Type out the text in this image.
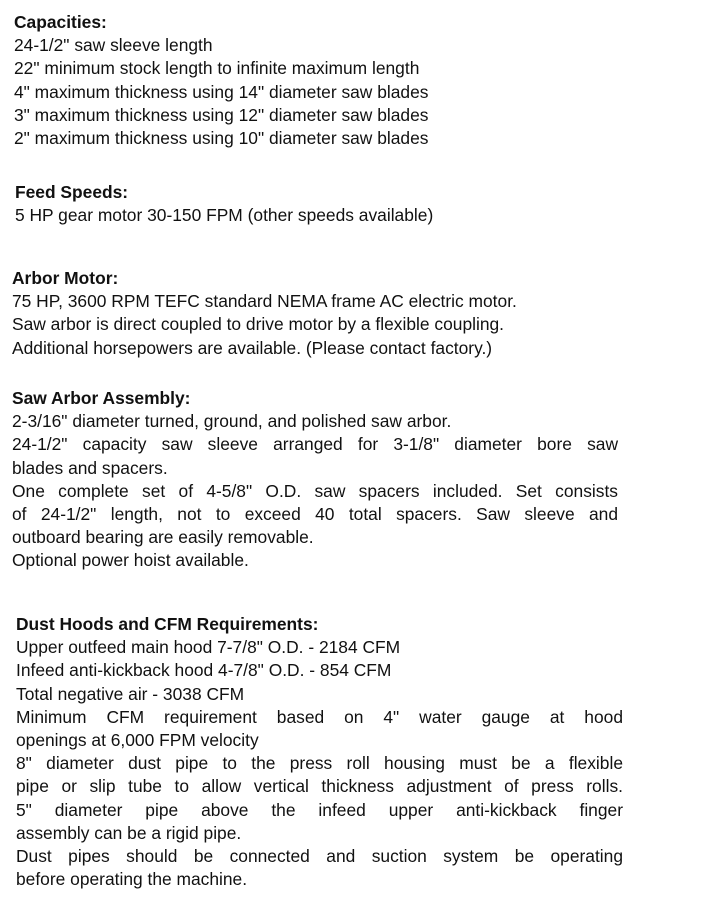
Capacities:
24-1/2" saw sleeve length
22" minimum stock length to infinite maximum length
4" maximum thickness using 14" diameter saw blades
3" maximum thickness using 12" diameter saw blades
2" maximum thickness using 10" diameter saw blades
Feed Speeds:
5 HP gear motor 30-150 FPM (other speeds available)
Arbor Motor:
75 HP, 3600 RPM TEFC standard NEMA frame AC electric motor.
Saw arbor is direct coupled to drive motor by a flexible coupling.
Additional horsepowers are available. (Please contact factory.)
Saw Arbor Assembly:
2-3/16" diameter turned, ground, and polished saw arbor.
24-1/2" capacity saw sleeve arranged for 3-1/8" diameter bore saw
blades and spacers.
One complete set of 4-5/8" O.D. saw spacers included. Set consists
of 24-1/2" length, not to exceed 40 total spacers. Saw sleeve and
outboard bearing are easily removable.
Optional power hoist available.
Dust Hoods and CFM Requirements:
Upper outfeed main hood 7-7/8" O.D. - 2184 CFM
Infeed anti-kickback hood 4-7/8" O.D. - 854 CFM
Total negative air - 3038 CFM
Minimum CFM requirement based on 4" water gauge at hood
openings at 6,000 FPM velocity
8" diameter dust pipe to the press roll housing must be a flexible
pipe or slip tube to allow vertical thickness adjustment of press rolls.
5" diameter pipe above the infeed upper anti-kickback finger
assembly can be a rigid pipe.
Dust pipes should be connected and suction system be operating
before operating the machine.
